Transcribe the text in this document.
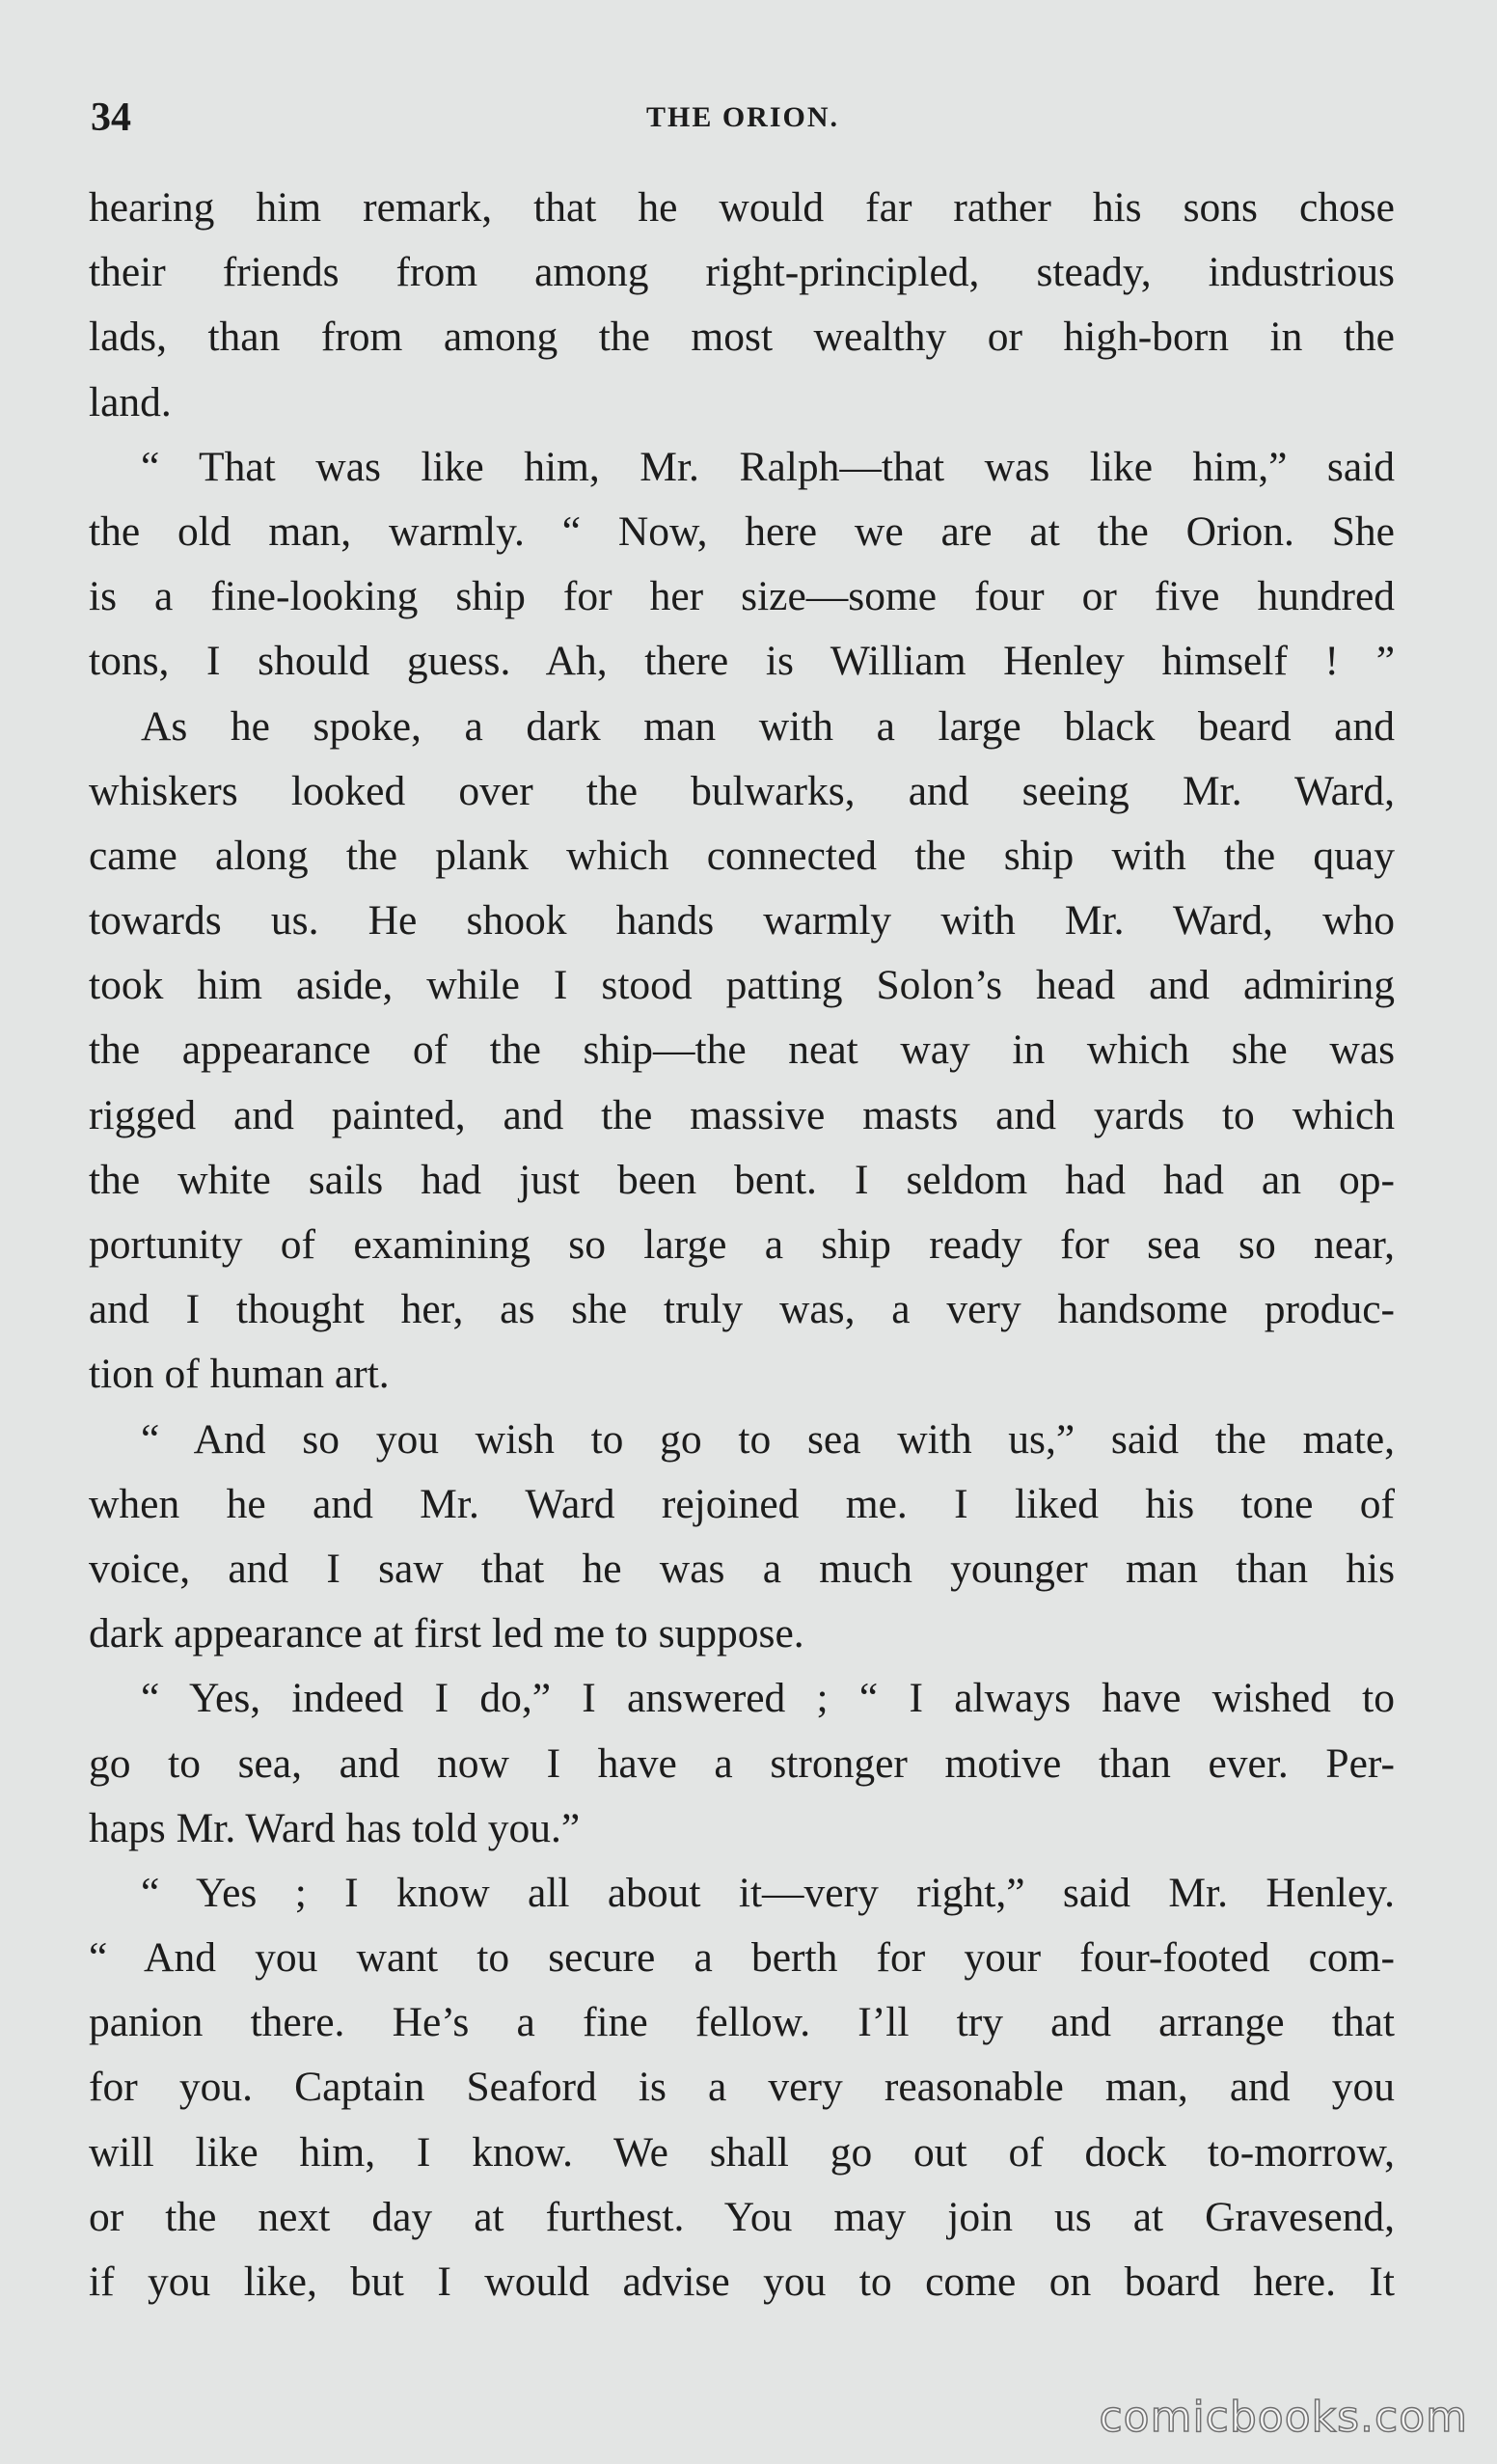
34	THE ORION.
hearing him remark, that he would far rather his sons chose
their friends from among right-principled, steady, industrious
lads, than from among the most wealthy or high-born in the
land.
“ That was like him, Mr. Ralph—that was like him,” said
the old man, warmly. “ Now, here we are at the Orion. She
is a fine-looking ship for her size—some four or five hundred
tons, I should guess. Ah, there is William Henley himself ! ”
As he spoke, a dark man with a large black beard and
whiskers looked over the bulwarks, and seeing Mr. Ward,
came along the plank which connected the ship with the quay
towards us. He shook hands warmly with Mr. Ward, who
took him aside, while I stood patting Solon’s head and admiring
the appearance of the ship—the neat way in which she was
rigged and painted, and the massive masts and yards to which
the white sails had just been bent. I seldom had had an op-
portunity of examining so large a ship ready for sea so near,
and I thought her, as she truly was, a very handsome produc-
tion of human art.
“ And so you wish to go to sea with us,” said the mate,
when he and Mr. Ward rejoined me. I liked his tone of
voice, and I saw that he was a much younger man than his
dark appearance at first led me to suppose.
“ Yes, indeed I do,” I answered ; “ I always have wished to
go to sea, and now I have a stronger motive than ever. Per-
haps Mr. Ward has told you.”
“ Yes ; I know all about it—very right,” said Mr. Henley.
“ And you want to secure a berth for your four-footed com-
panion there. He’s a fine fellow. I’ll try and arrange that
for you. Captain Seaford is a very reasonable man, and you
will like him, I know. We shall go out of dock to-morrow,
or the next day at furthest. You may join us at Gravesend,
if you like, but I would advise you to come on board here. It
comicbooks.com
